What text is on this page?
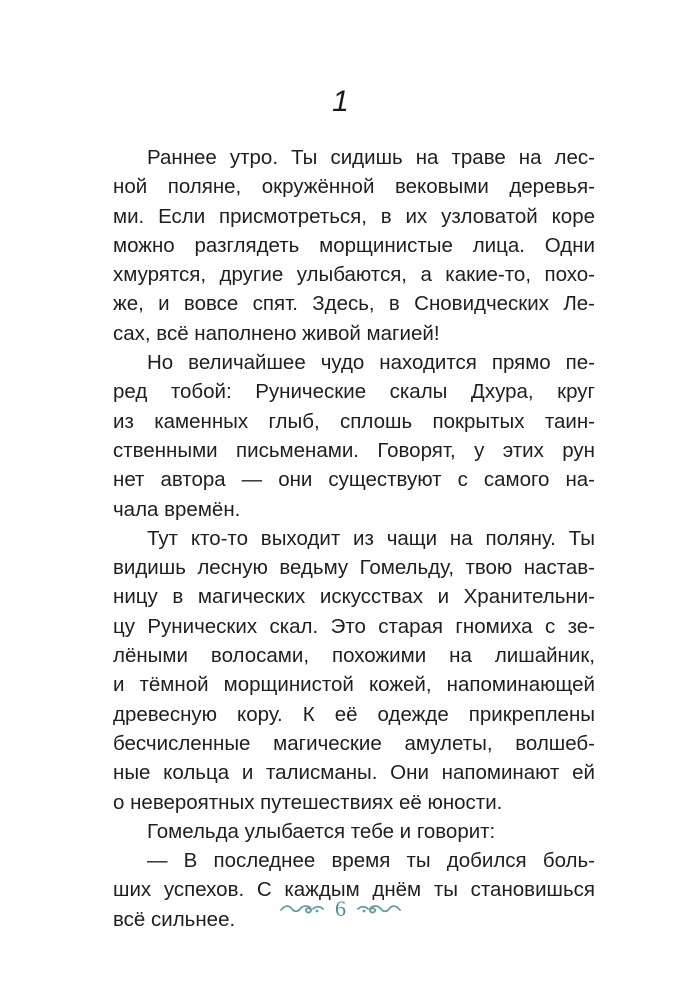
1
Раннее утро. Ты сидишь на траве на лес-
ной поляне, окружённой вековыми деревья-
ми. Если присмотреться, в их узловатой коре
можно разглядеть морщинистые лица. Одни
хмурятся, другие улыбаются, а какие-то, похо-
же, и вовсе спят. Здесь, в Сновидческих Ле-
сах, всё наполнено живой магией!
Но величайшее чудо находится прямо пе-
ред тобой: Рунические скалы Дхура, круг
из каменных глыб, сплошь покрытых таин-
ственными письменами. Говорят, у этих рун
нет автора — они существуют с самого на-
чала времён.
Тут кто-то выходит из чащи на поляну. Ты
видишь лесную ведьму Гомельду, твою настав-
ницу в магических искусствах и Хранительни-
цу Рунических скал. Это старая гномиха с зе-
лёными волосами, похожими на лишайник,
и тёмной морщинистой кожей, напоминающей
древесную кору. К её одежде прикреплены
бесчисленные магические амулеты, волшеб-
ные кольца и талисманы. Они напоминают ей
о невероятных путешествиях её юности.
Гомельда улыбается тебе и говорит:
— В последнее время ты добился боль-
ших успехов. С каждым днём ты становишься
всё сильнее.	6
